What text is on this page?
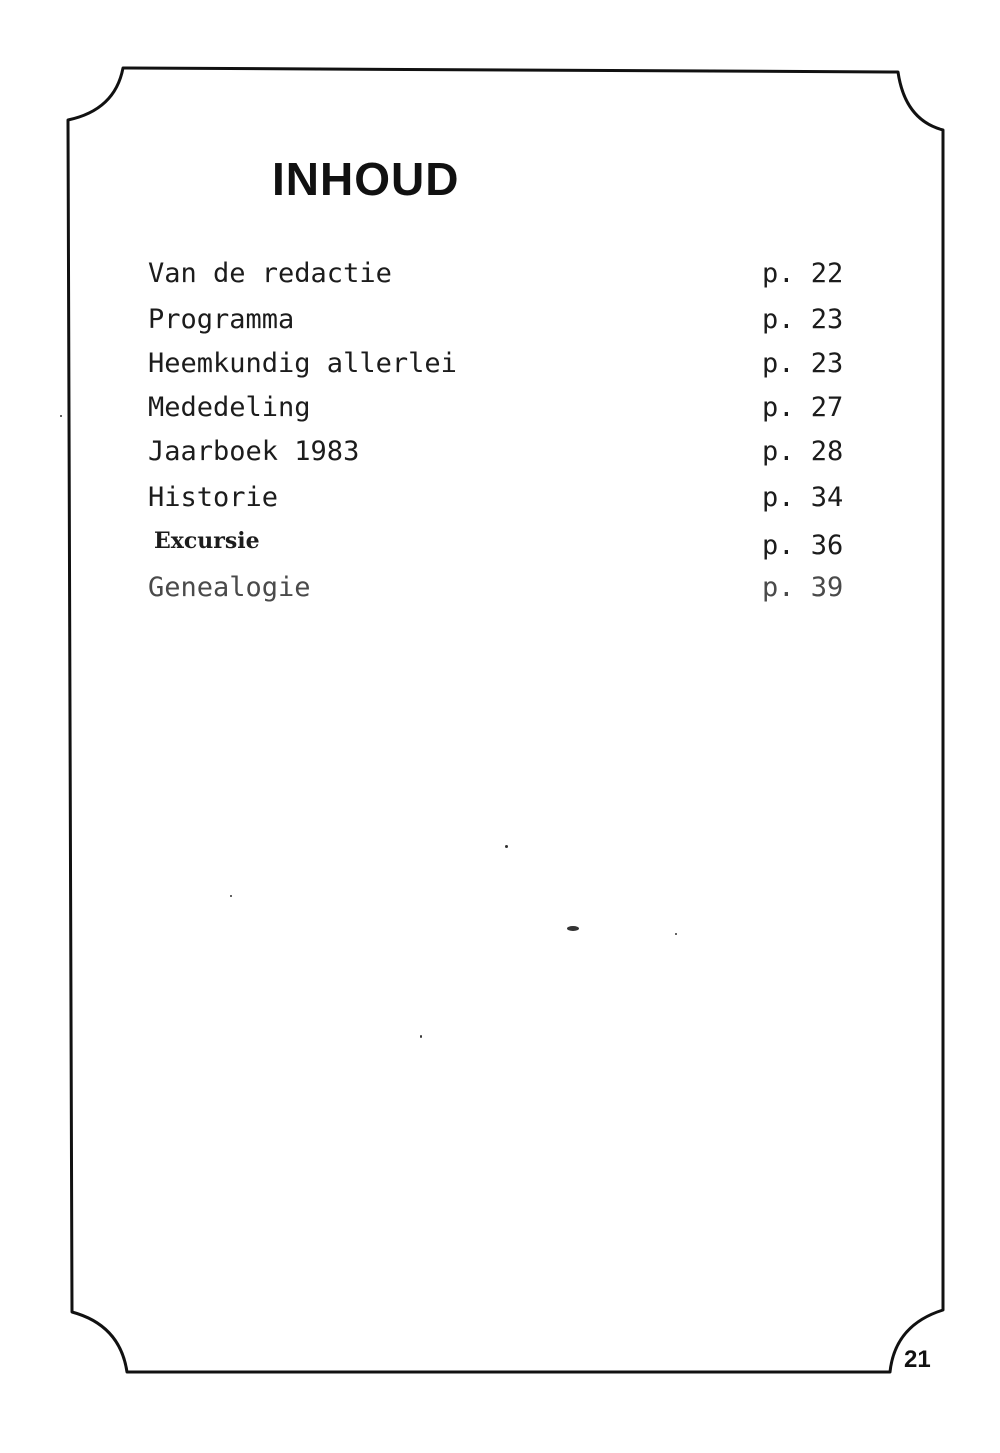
INHOUD
Van de redactie	p. 22
Programma	p. 23
Heemkundig allerlei	p. 23
Mededeling	p. 27
Jaarboek 1983	p. 28
Historie	p. 34
Excursie	p. 36
Genealogie	p. 39
21
